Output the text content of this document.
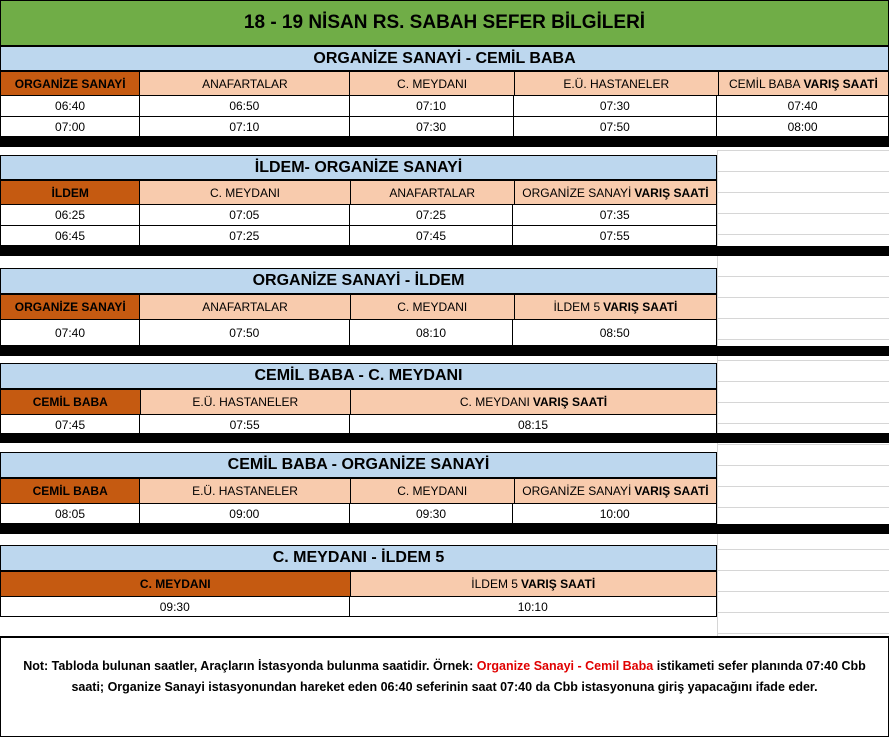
18 - 19 NİSAN RS. SABAH SEFER BİLGİLERİ
ORGANİZE SANAYİ - CEMİL BABA
ORGANİZE SANAYİ	ANAFARTALAR	C. MEYDANI	E.Ü. HASTANELER	CEMİL BABA VARIŞ SAATİ
06:40	06:50	07:10	07:30	07:40
07:00	07:10	07:30	07:50	08:00
İLDEM- ORGANİZE SANAYİ
İLDEM	C. MEYDANI	ANAFARTALAR	ORGANİZE SANAYİ VARIŞ SAATİ
06:25	07:05	07:25	07:35
06:45	07:25	07:45	07:55
ORGANİZE SANAYİ - İLDEM
ORGANİZE SANAYİ	ANAFARTALAR	C. MEYDANI	İLDEM 5 VARIŞ SAATİ
07:40	07:50	08:10	08:50
CEMİL BABA - C. MEYDANI
CEMİL BABA	E.Ü. HASTANELER	C. MEYDANI VARIŞ SAATİ
07:45	07:55	08:15
CEMİL BABA - ORGANİZE SANAYİ
CEMİL BABA	E.Ü. HASTANELER	C. MEYDANI	ORGANİZE SANAYİ VARIŞ SAATİ
08:05	09:00	09:30	10:00
C. MEYDANI - İLDEM 5
C. MEYDANI	İLDEM 5 VARIŞ SAATİ
09:30	10:10
Not: Tabloda bulunan saatler, Araçların İstasyonda bulunma saatidir. Örnek: Organize Sanayi - Cemil Baba istikameti sefer planında 07:40 Cbb saati; Organize Sanayi istasyonundan hareket eden 06:40 seferinin saat 07:40 da Cbb istasyonuna giriş yapacağını ifade eder.
